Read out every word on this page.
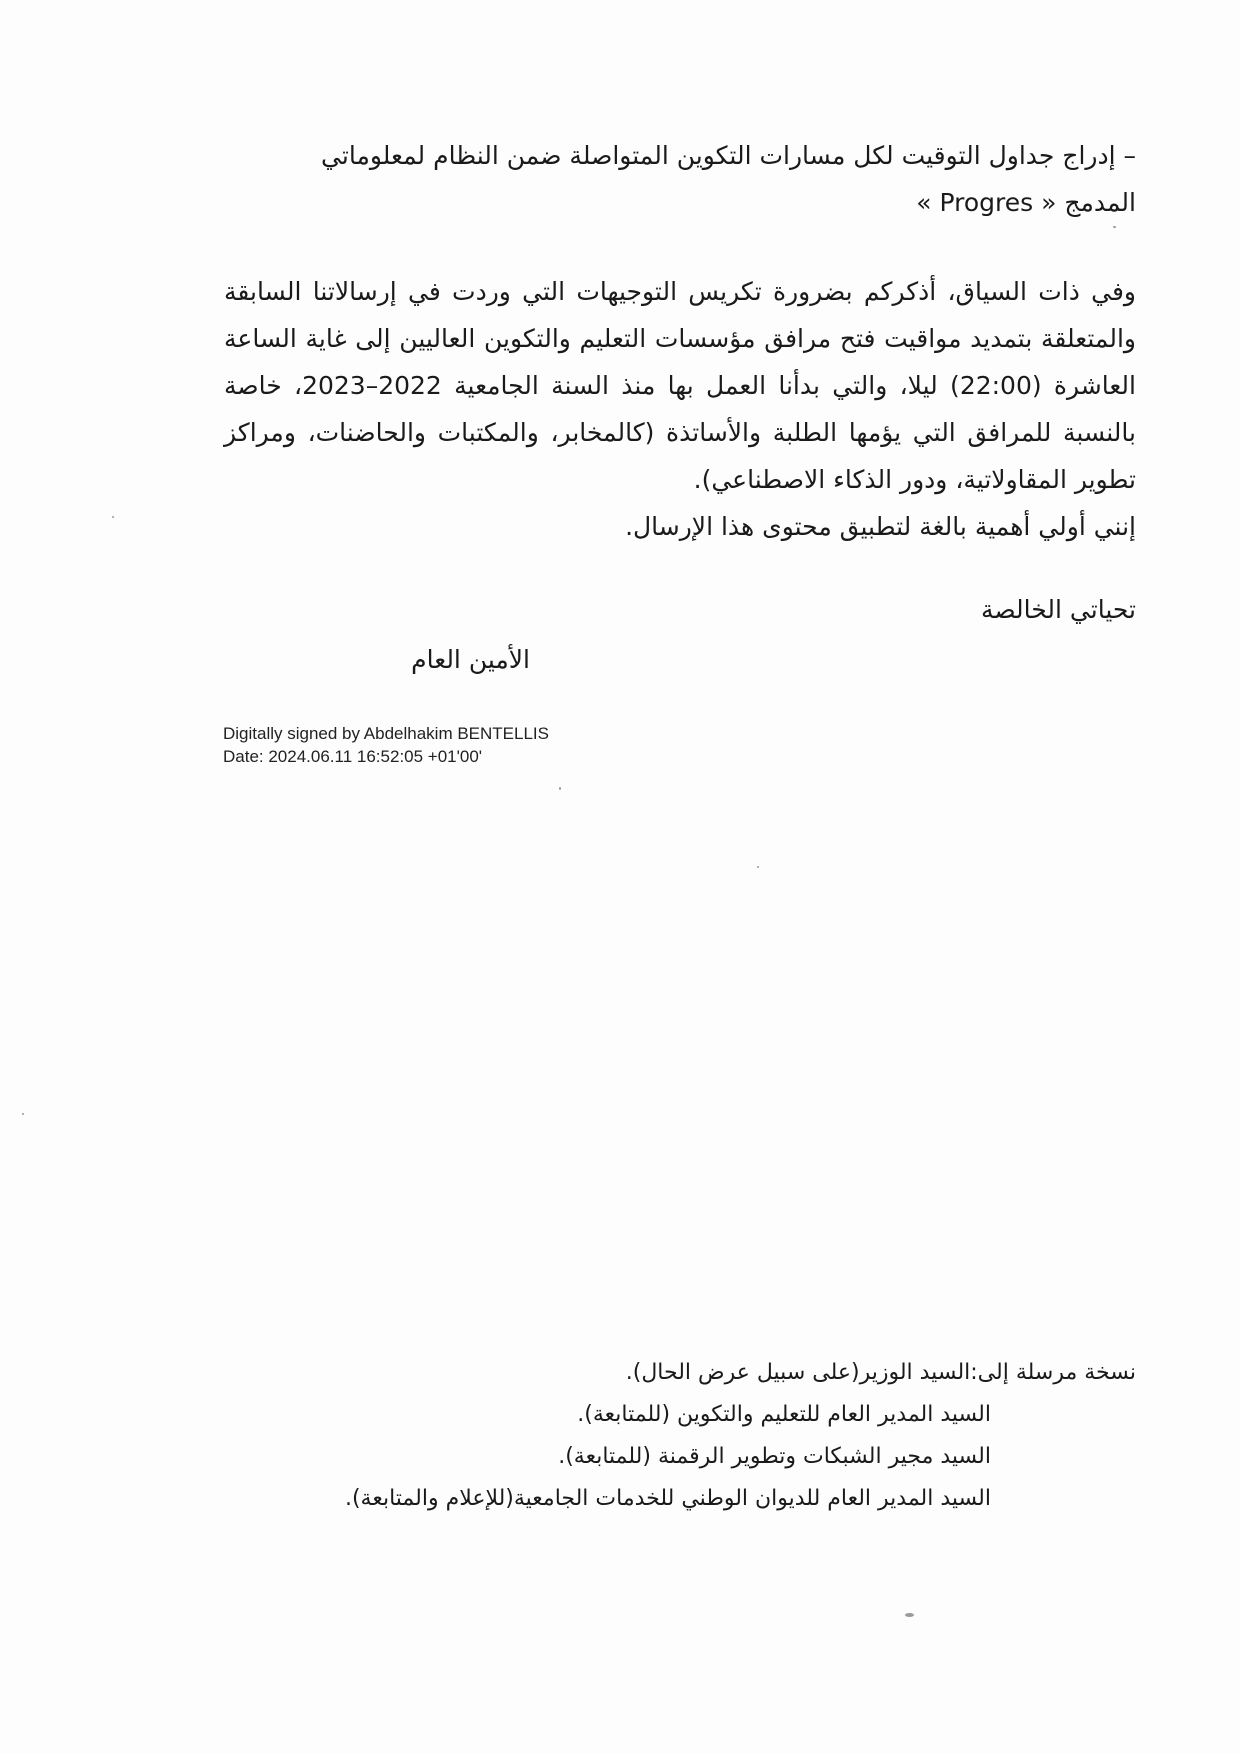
– إدراج جداول التوقيت لكل مسارات التكوين المتواصلة ضمن النظام لمعلوماتي
المدمج « Progres »
وفي ذات السياق، أذكركم بضرورة تكريس التوجيهات التي وردت في إرسالاتنا السابقة
والمتعلقة بتمديد مواقيت فتح مرافق مؤسسات التعليم والتكوين العاليين إلى غاية الساعة
العاشرة (22:00) ليلا، والتي بدأنا العمل بها منذ السنة الجامعية 2022–2023، خاصة
بالنسبة للمرافق التي يؤمها الطلبة والأساتذة (كالمخابر، والمكتبات والحاضنات، ومراكز
تطوير المقاولاتية، ودور الذكاء الاصطناعي).
إنني أولي أهمية بالغة لتطبيق محتوى هذا الإرسال.
تحياتي الخالصة
الأمين العام
Digitally signed by Abdelhakim BENTELLIS
Date: 2024.06.11 16:52:05 +01'00'
نسخة مرسلة إلى:السيد الوزير(على سبيل عرض الحال).
السيد المدير العام للتعليم والتكوين (للمتابعة).
السيد مجير الشبكات وتطوير الرقمنة (للمتابعة).
السيد المدير العام للديوان الوطني للخدمات الجامعية(للإعلام والمتابعة).
